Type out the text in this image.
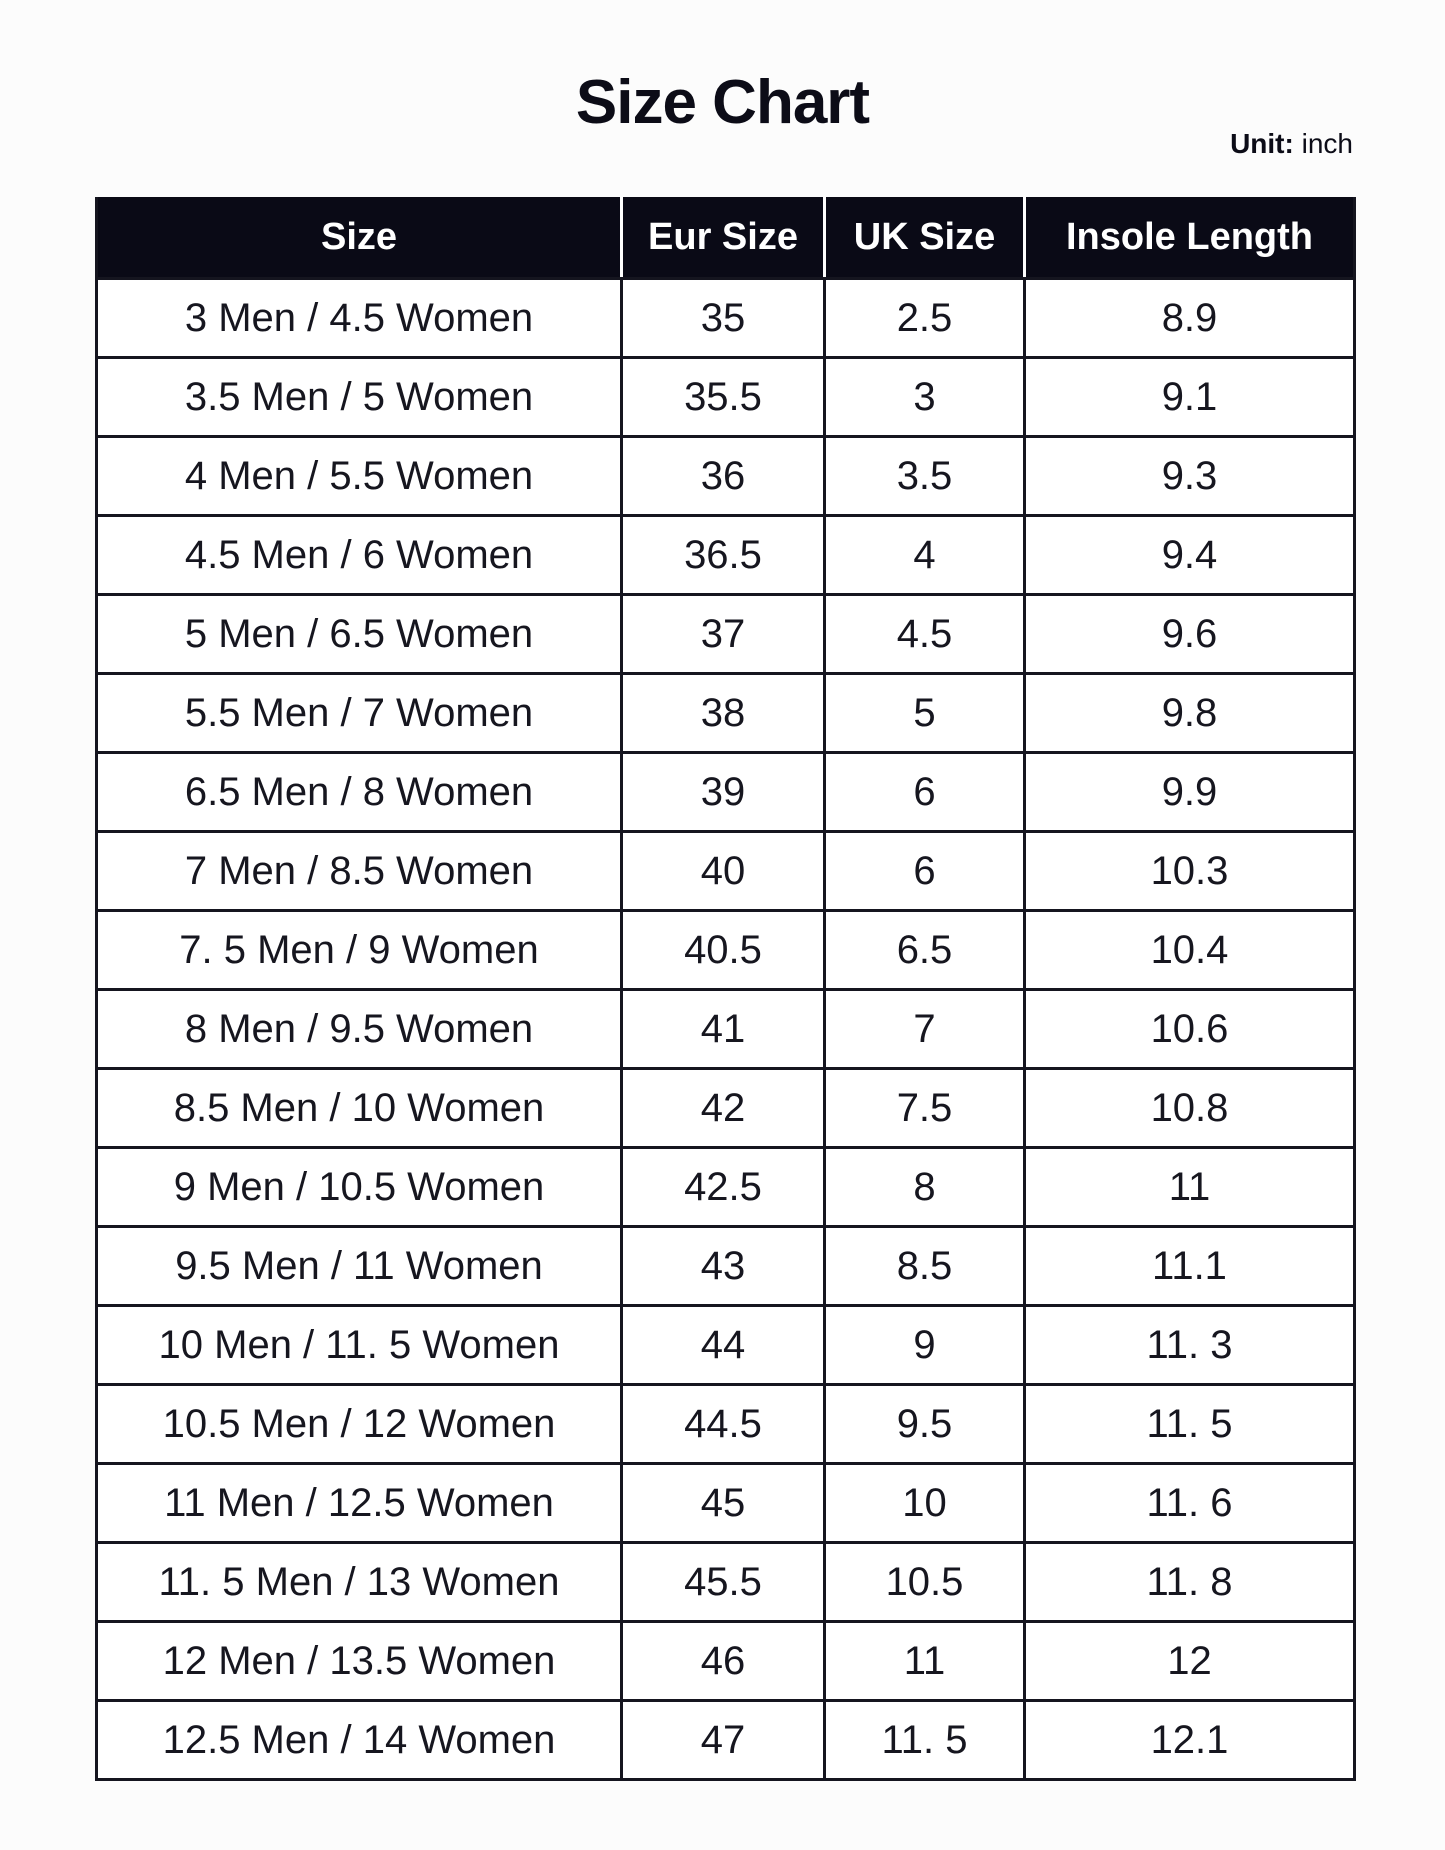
Size Chart
Unit: inch
Size	Eur Size	UK Size	Insole Length
3 Men / 4.5 Women	35	2.5	8.9
3.5 Men / 5 Women	35.5	3	9.1
4 Men / 5.5 Women	36	3.5	9.3
4.5 Men / 6 Women	36.5	4	9.4
5 Men / 6.5 Women	37	4.5	9.6
5.5 Men / 7 Women	38	5	9.8
6.5 Men / 8 Women	39	6	9.9
7 Men / 8.5 Women	40	6	10.3
7. 5 Men / 9 Women	40.5	6.5	10.4
8 Men / 9.5 Women	41	7	10.6
8.5 Men / 10 Women	42	7.5	10.8
9 Men / 10.5 Women	42.5	8	11
9.5 Men / 11 Women	43	8.5	11.1
10 Men / 11. 5 Women	44	9	11. 3
10.5 Men / 12 Women	44.5	9.5	11. 5
11 Men / 12.5 Women	45	10	11. 6
11. 5 Men / 13 Women	45.5	10.5	11. 8
12 Men / 13.5 Women	46	11	12
12.5 Men / 14 Women	47	11. 5	12.1
